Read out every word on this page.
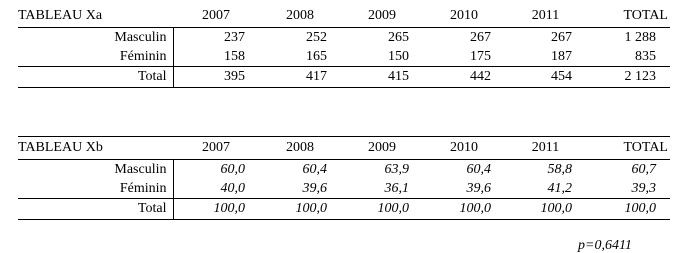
TABLEAU Xa	2007	2008	2009	2010	2011	TOTAL
Masculin	237	252	265	267	267	1 288
Féminin	158	165	150	175	187	835
Total	395	417	415	442	454	2 123
TABLEAU Xb	2007	2008	2009	2010	2011	TOTAL
Masculin	60,0	60,4	63,9	60,4	58,8	60,7
Féminin	40,0	39,6	36,1	39,6	41,2	39,3
Total	100,0	100,0	100,0	100,0	100,0	100,0
p=0,6411
